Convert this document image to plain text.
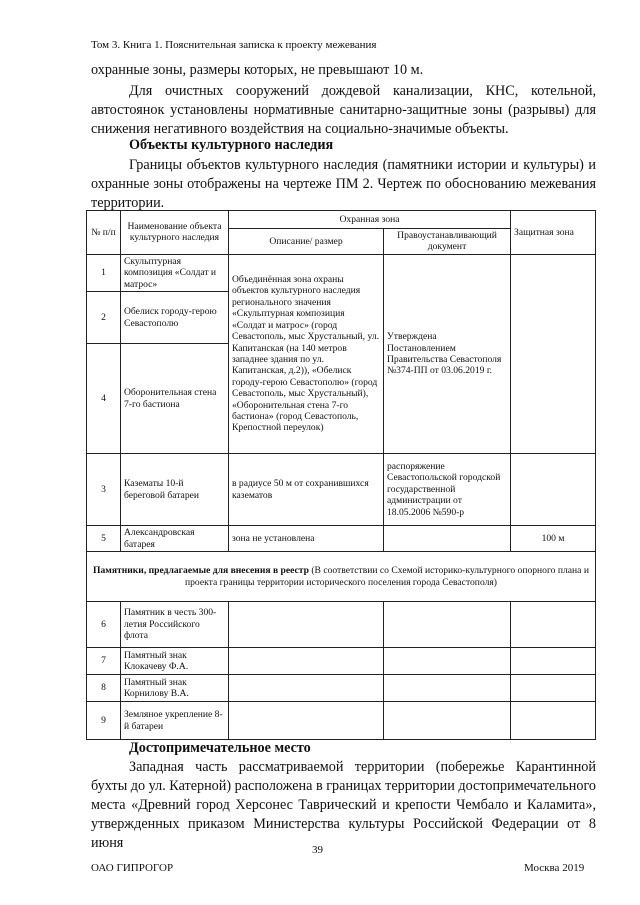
Том 3. Книга 1. Пояснительная записка к проекту межевания
охранные зоны, размеры которых, не превышают 10 м.
Для очистных сооружений дождевой канализации, КНС, котельной, автостоянок установлены нормативные санитарно-защитные зоны (разрывы) для снижения негативного воздействия на социально-значимые объекты.
Объекты культурного наследия
Границы объектов культурного наследия (памятники истории и культуры) и охранные зоны отображены на чертеже ПМ 2. Чертеж по обоснованию межевания территории.
№ п/п	Наименование объекта культурного наследия	Охранная зона		Защитная зона
		Описание/ размер	Правоустанавливающий документ	
1	Скульптурная композиция «Солдат и матрос»	Объединённая зона охраны объектов культурного наследия регионального значения «Скульптурная композиция «Солдат и матрос» (город Севастополь, мыс Хрустальный, ул. Капитанская (на 140 метров западнее здания по ул. Капитанская, д.2)), «Обелиск городу-герою Севастополю» (город Севастополь, мыс Хрустальный), «Оборонительная стена 7-го бастиона» (город Севастополь, Крепостной переулок)	Утверждена Постановлением Правительства Севастополя №374-ПП от 03.06.2019 г.	
2	Обелиск городу-герою Севастополю			
4	Оборонительная стена 7-го бастиона			
3	Казематы 10-й береговой батареи	в радиусе 50 м от сохранившихся казематов	распоряжение Севастопольской городской государственной администрации от 18.05.2006 №590-р	
5	Александровская батарея	зона не установлена		100 м
Памятники, предлагаемые для внесения в реестр (В соответствии со Схемой историко-культурного опорного плана и проекта границы территории исторического поселения города Севастополя)				
6	Памятник в честь 300-летия Российского флота			
7	Памятный знак Клокачеву Ф.А.			
8	Памятный знак Корнилову В.А.			
9	Земляное укрепление 8-й батареи			
Достопримечательное место
Западная часть рассматриваемой территории (побережье Карантинной бухты до ул. Катерной) расположена в границах территории достопримечательного места «Древний город Херсонес Таврический и крепости Чембало и Каламита», утвержденных приказом Министерства культуры Российской Федерации от 8 июня	39
ОАО ГИПРОГОР	Москва 2019
